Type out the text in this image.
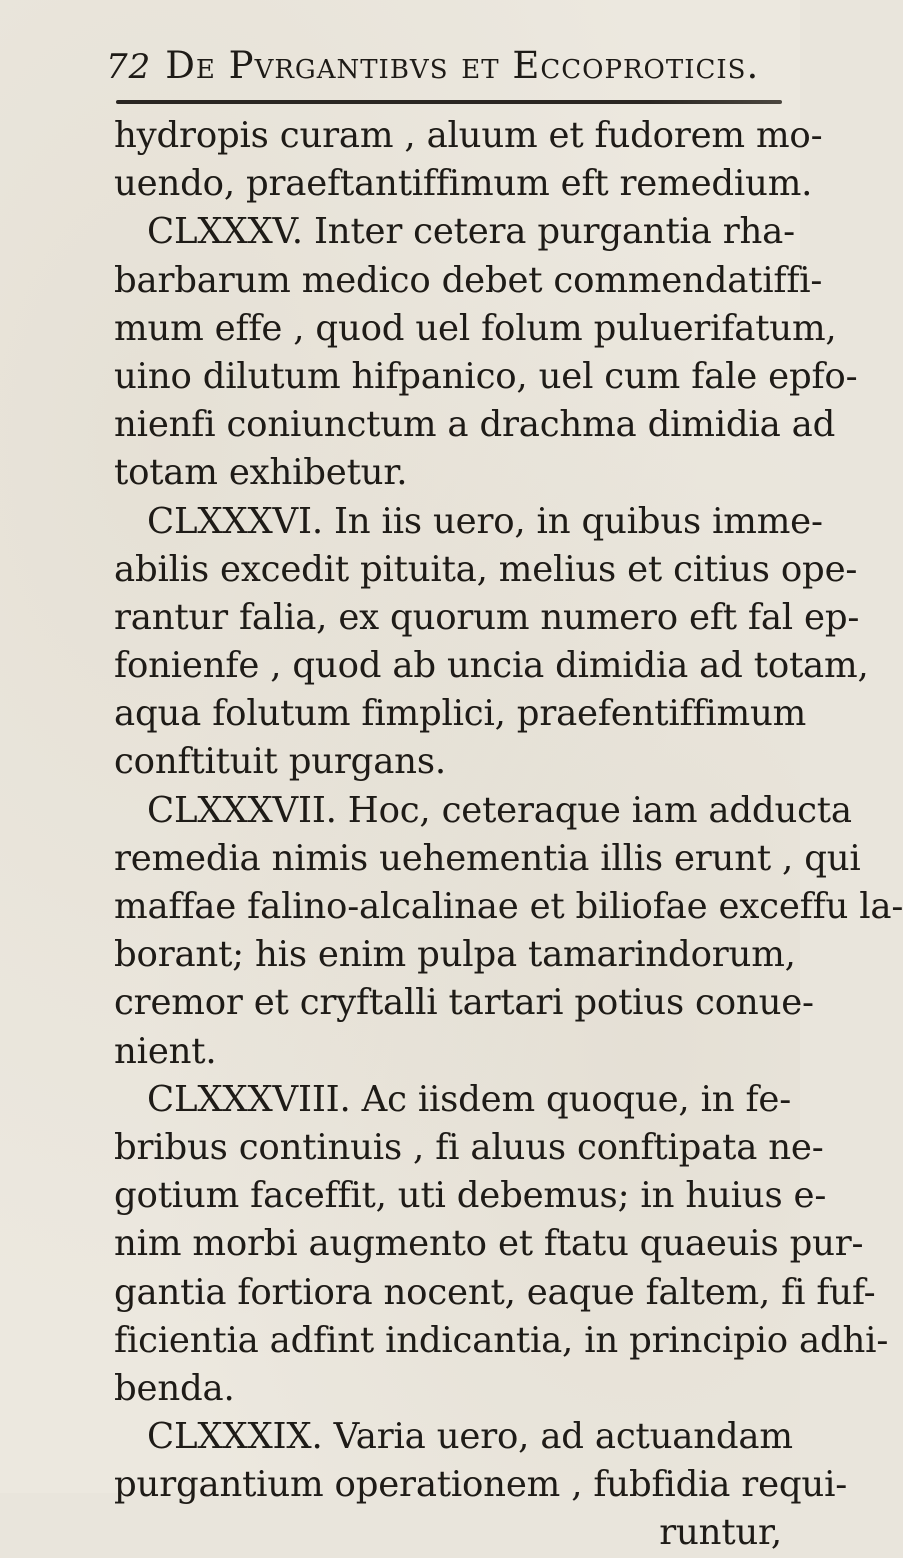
72 De Pvrgantibvs et Eccoproticis.
hydropis curam , aluum et fudorem mo-
uendo, praeftantiffimum eft remedium.
CLXXXV. Inter cetera purgantia rha-
barbarum medico debet commendatiffi-
mum effe , quod uel folum puluerifatum,
uino dilutum hifpanico, uel cum fale epfo-
nienfi coniunctum a drachma dimidia ad
totam exhibetur.
CLXXXVI. In iis uero, in quibus imme-
abilis excedit pituita, melius et citius ope-
rantur falia, ex quorum numero eft fal ep-
fonienfe , quod ab uncia dimidia ad totam,
aqua folutum fimplici, praefentiffimum
conftituit purgans.
CLXXXVII. Hoc, ceteraque iam adducta
remedia nimis uehementia illis erunt , qui
maffae falino-alcalinae et biliofae exceffu la-
borant; his enim pulpa tamarindorum,
cremor et cryftalli tartari potius conue-
nient.
CLXXXVIII. Ac iisdem quoque, in fe-
bribus continuis , fi aluus conftipata ne-
gotium faceffit, uti debemus; in huius e-
nim morbi augmento et ftatu quaeuis pur-
gantia fortiora nocent, eaque faltem, fi fuf-
ficientia adfint indicantia, in principio adhi-
benda.
CLXXXIX. Varia uero, ad actuandam
purgantium operationem , fubfidia requi-
runtur,
